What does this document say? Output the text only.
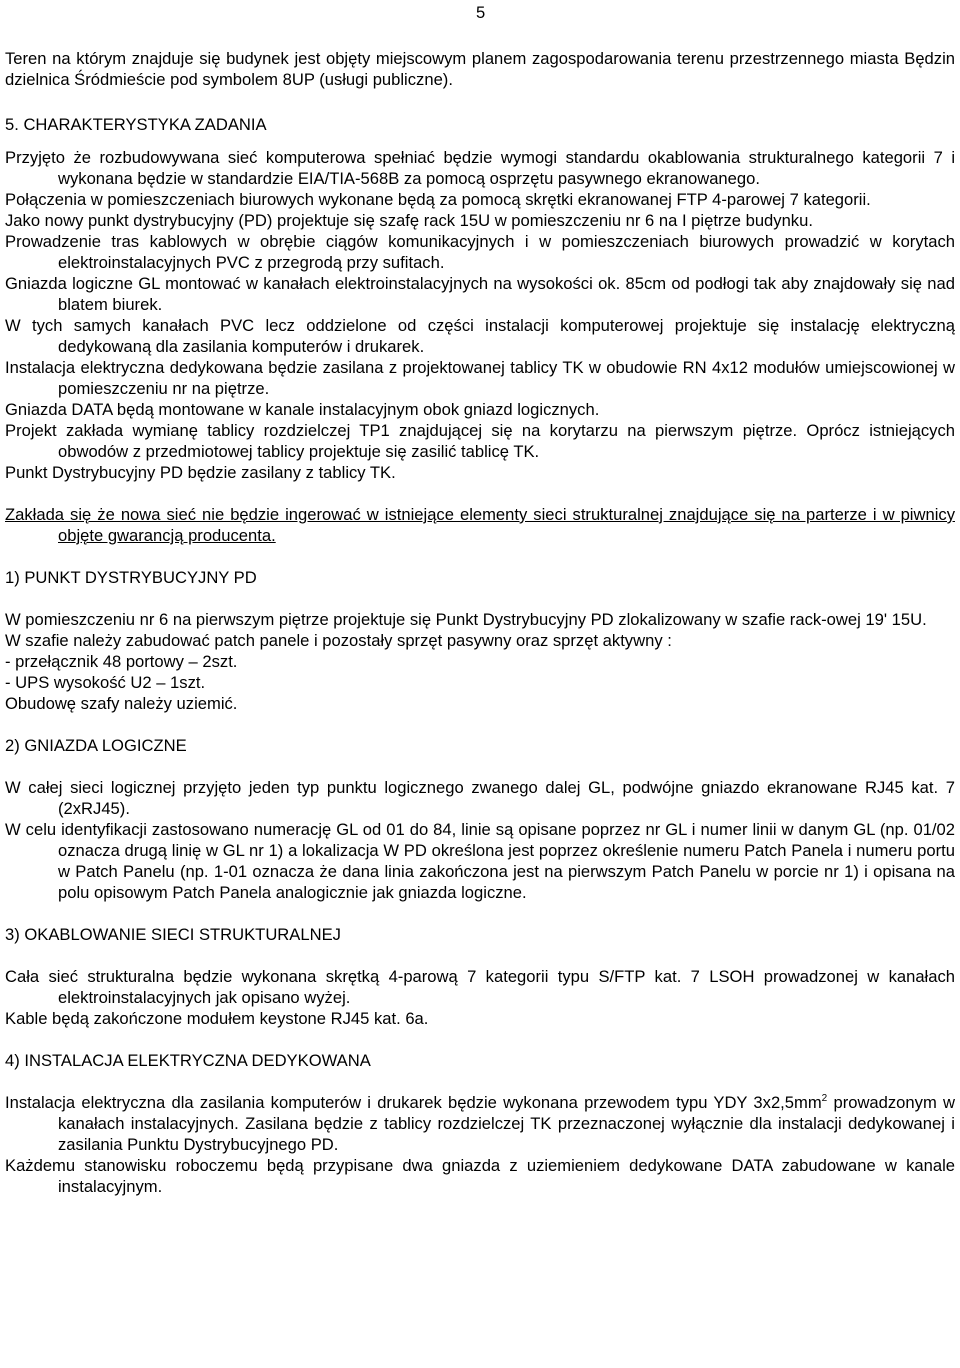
5

Teren na którym znajduje się budynek jest objęty miejscowym planem zagospodarowania terenu przestrzennego miasta Będzin dzielnica Śródmieście pod symbolem 8UP (usługi publiczne).

5. CHARAKTERYSTYKA ZADANIA

Przyjęto że rozbudowywana sieć komputerowa spełniać będzie wymogi standardu okablowania strukturalnego kategorii 7 i wykonana będzie w standardzie EIA/TIA-568B za pomocą osprzętu pasywnego ekranowanego.

Połączenia w pomieszczeniach biurowych wykonane będą za pomocą skrętki ekranowanej FTP 4-parowej 7 kategorii.

Jako nowy punkt dystrybucyjny (PD) projektuje się szafę rack 15U w pomieszczeniu nr 6 na I piętrze budynku.

Prowadzenie tras kablowych w obrębie ciągów komunikacyjnych i w pomieszczeniach biurowych prowadzić w korytach elektroinstalacyjnych PVC z przegrodą przy sufitach.

Gniazda logiczne GL montować w kanałach elektroinstalacyjnych na wysokości ok. 85cm od podłogi tak aby znajdowały się nad blatem biurek.

W tych samych kanałach PVC lecz oddzielone od części instalacji komputerowej projektuje się instalację elektryczną dedykowaną dla zasilania komputerów i drukarek.

Instalacja elektryczna dedykowana będzie zasilana z projektowanej tablicy TK w obudowie RN 4x12 modułów umiejscowionej w pomieszczeniu nr na piętrze.

Gniazda DATA będą montowane w kanale instalacyjnym obok gniazd logicznych.

Projekt zakłada wymianę tablicy rozdzielczej TP1 znajdującej się na korytarzu na pierwszym piętrze. Oprócz istniejących obwodów z przedmiotowej tablicy projektuje się zasilić tablicę TK.

Punkt Dystrybucyjny PD będzie zasilany z tablicy TK.

Zakłada się że nowa sieć nie będzie ingerować w istniejące elementy sieci strukturalnej znajdujące się na parterze i w piwnicy objęte gwarancją producenta.

1) PUNKT DYSTRYBUCYJNY PD

W pomieszczeniu nr 6 na pierwszym piętrze projektuje się Punkt Dystrybucyjny PD zlokalizowany w szafie rack-owej 19' 15U.

W szafie należy zabudować patch panele i pozostały sprzęt pasywny oraz sprzęt aktywny :

- przełącznik 48 portowy – 2szt.

- UPS wysokość U2 – 1szt.

Obudowę szafy należy uziemić.

2) GNIAZDA LOGICZNE

W całej sieci logicznej przyjęto jeden typ punktu logicznego zwanego dalej GL, podwójne gniazdo ekranowane RJ45 kat. 7 (2xRJ45).

W celu identyfikacji zastosowano numerację GL od 01 do 84, linie są opisane poprzez nr GL i numer linii w danym GL (np. 01/02 oznacza drugą linię w GL nr 1) a lokalizacja W PD określona jest poprzez określenie numeru Patch Panela i numeru portu w Patch Panelu (np. 1-01 oznacza że dana linia zakończona jest na pierwszym Patch Panelu w porcie nr 1) i opisana na polu opisowym Patch Panela analogicznie jak gniazda logiczne.

3) OKABLOWANIE SIECI STRUKTURALNEJ

Cała sieć strukturalna będzie wykonana skrętką 4-parową 7 kategorii typu S/FTP kat. 7 LSOH prowadzonej w kanałach elektroinstalacyjnych jak opisano wyżej.

Kable będą zakończone modułem keystone RJ45 kat. 6a.

4) INSTALACJA ELEKTRYCZNA DEDYKOWANA

Instalacja elektryczna dla zasilania komputerów i drukarek będzie wykonana przewodem typu YDY $3x2,5mm^2$ prowadzonym w kanałach instalacyjnych. Zasilana będzie z tablicy rozdzielczej TK przeznaczonej wyłącznie dla instalacji dedykowanej i zasilania Punktu Dystrybucyjnego PD.

Każdemu stanowisku roboczemu będą przypisane dwa gniazda z uziemieniem dedykowane DATA zabudowane w kanale instalacyjnym.
